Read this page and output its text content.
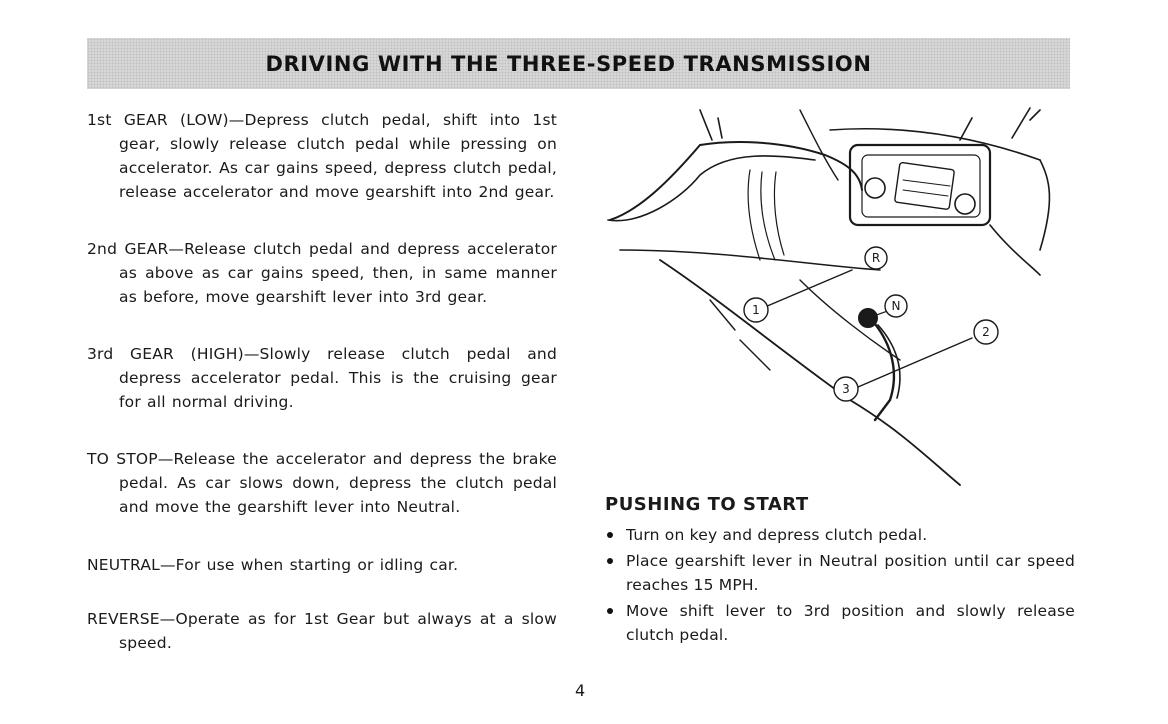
DRIVING WITH THE THREE-SPEED TRANSMISSION
1st GEAR (LOW)—Depress clutch pedal, shift into 1st gear, slowly release clutch pedal while pressing on accelerator. As car gains speed, depress clutch pedal, release accelerator and move gearshift into 2nd gear.
2nd GEAR—Release clutch pedal and depress accelerator as above as car gains speed, then, in same manner as before, move gearshift lever into 3rd gear.
3rd GEAR (HIGH)—Slowly release clutch pedal and depress accelerator pedal. This is the cruising gear for all normal driving.
TO STOP—Release the accelerator and depress the brake pedal. As car slows down, depress the clutch pedal and move the gearshift lever into Neutral.
NEUTRAL—For use when starting or idling car.
REVERSE—Operate as for 1st Gear but always at a slow speed.
R
N
1
2
3
PUSHING TO START
Turn on key and depress clutch pedal.
Place gearshift lever in Neutral position until car speed reaches 15 MPH.
Move shift lever to 3rd position and slowly release clutch pedal.
4
